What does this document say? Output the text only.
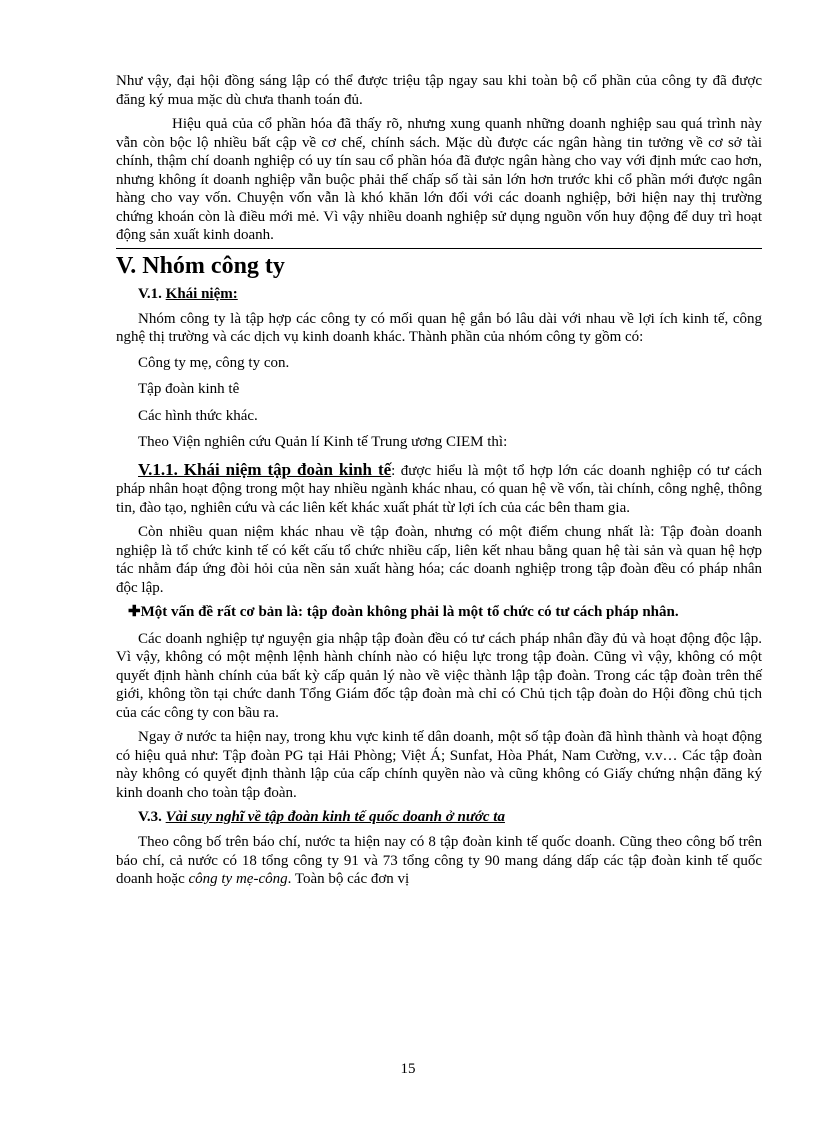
Như vậy, đại hội đồng sáng lập có thể được triệu tập ngay sau khi toàn bộ cổ phần của công ty đã được đăng ký mua mặc dù chưa thanh toán đủ.

Hiệu quả của cổ phần hóa đã thấy rõ, nhưng xung quanh những doanh nghiệp sau quá trình này vẫn còn bộc lộ nhiều bất cập về cơ chế, chính sách. Mặc dù được các ngân hàng tin tưởng về cơ sở tài chính, thậm chí doanh nghiệp có uy tín sau cổ phần hóa đã được ngân hàng cho vay với định mức cao hơn, nhưng không ít doanh nghiệp vẫn buộc phải thế chấp số tài sản lớn hơn trước khi cổ phần mới được ngân hàng cho vay vốn. Chuyện vốn vẫn là khó khăn lớn đối với các doanh nghiệp, bởi hiện nay thị trường chứng khoán còn là điều mới mẻ. Vì vậy nhiều doanh nghiệp sử dụng nguồn vốn huy động để duy trì hoạt động sản xuất kinh doanh.

V. Nhóm công ty
V.1. Khái niệm:

Nhóm công ty là tập hợp các công ty có mối quan hệ gắn bó lâu dài với nhau về lợi ích kinh tế, công nghệ thị trường và các dịch vụ kinh doanh khác. Thành phần của nhóm công ty gồm có:

Công ty mẹ, công ty con.

Tập đoàn kinh tê

Các hình thức khác.

Theo Viện nghiên cứu Quản lí Kinh tế Trung ương CIEM thì:

V.1.1. Khái niệm tập đoàn kinh tế: được hiểu là một tổ hợp lớn các doanh nghiệp có tư cách pháp nhân hoạt động trong một hay nhiều ngành khác nhau, có quan hệ về vốn, tài chính, công nghệ, thông tin, đào tạo, nghiên cứu và các liên kết khác xuất phát từ lợi ích của các bên tham gia.

Còn nhiều quan niệm khác nhau về tập đoàn, nhưng có một điểm chung nhất là: Tập đoàn doanh nghiệp là tổ chức kinh tế có kết cấu tổ chức nhiều cấp, liên kết nhau bằng quan hệ tài sản và quan hệ hợp tác nhằm đáp ứng đòi hỏi của nền sản xuất hàng hóa; các doanh nghiệp trong tập đoàn đều có pháp nhân độc lập.

✚Một vấn đề rất cơ bản là: tập đoàn không phải là một tổ chức có tư cách pháp nhân.

Các doanh nghiệp tự nguyện gia nhập tập đoàn đều có tư cách pháp nhân đầy đủ và hoạt động độc lập. Vì vậy, không có một mệnh lệnh hành chính nào có hiệu lực trong tập đoàn. Cũng vì vậy, không có một quyết định hành chính của bất kỳ cấp quản lý nào về việc thành lập tập đoàn. Trong các tập đoàn trên thế giới, không tồn tại chức danh Tổng Giám đốc tập đoàn mà chỉ có Chủ tịch tập đoàn do Hội đồng chủ tịch của các công ty con bầu ra.

Ngay ở nước ta hiện nay, trong khu vực kinh tế dân doanh, một số tập đoàn đã hình thành và hoạt động có hiệu quả như: Tập đoàn PG tại Hải Phòng; Việt Á; Sunfat, Hòa Phát, Nam Cường, v.v… Các tập đoàn này không có quyết định thành lập của cấp chính quyền nào và cũng không có Giấy chứng nhận đăng ký kinh doanh cho toàn tập đoàn.

V.3. Vài suy nghĩ về tập đoàn kinh tế quốc doanh ở nước ta

Theo công bố trên báo chí, nước ta hiện nay có 8 tập đoàn kinh tế quốc doanh. Cũng theo công bố trên báo chí, cả nước có 18 tổng công ty 91 và 73 tổng công ty 90 mang dáng dấp các tập đoàn kinh tế quốc doanh hoặc công ty mẹ-công. Toàn bộ các đơn vị

15
